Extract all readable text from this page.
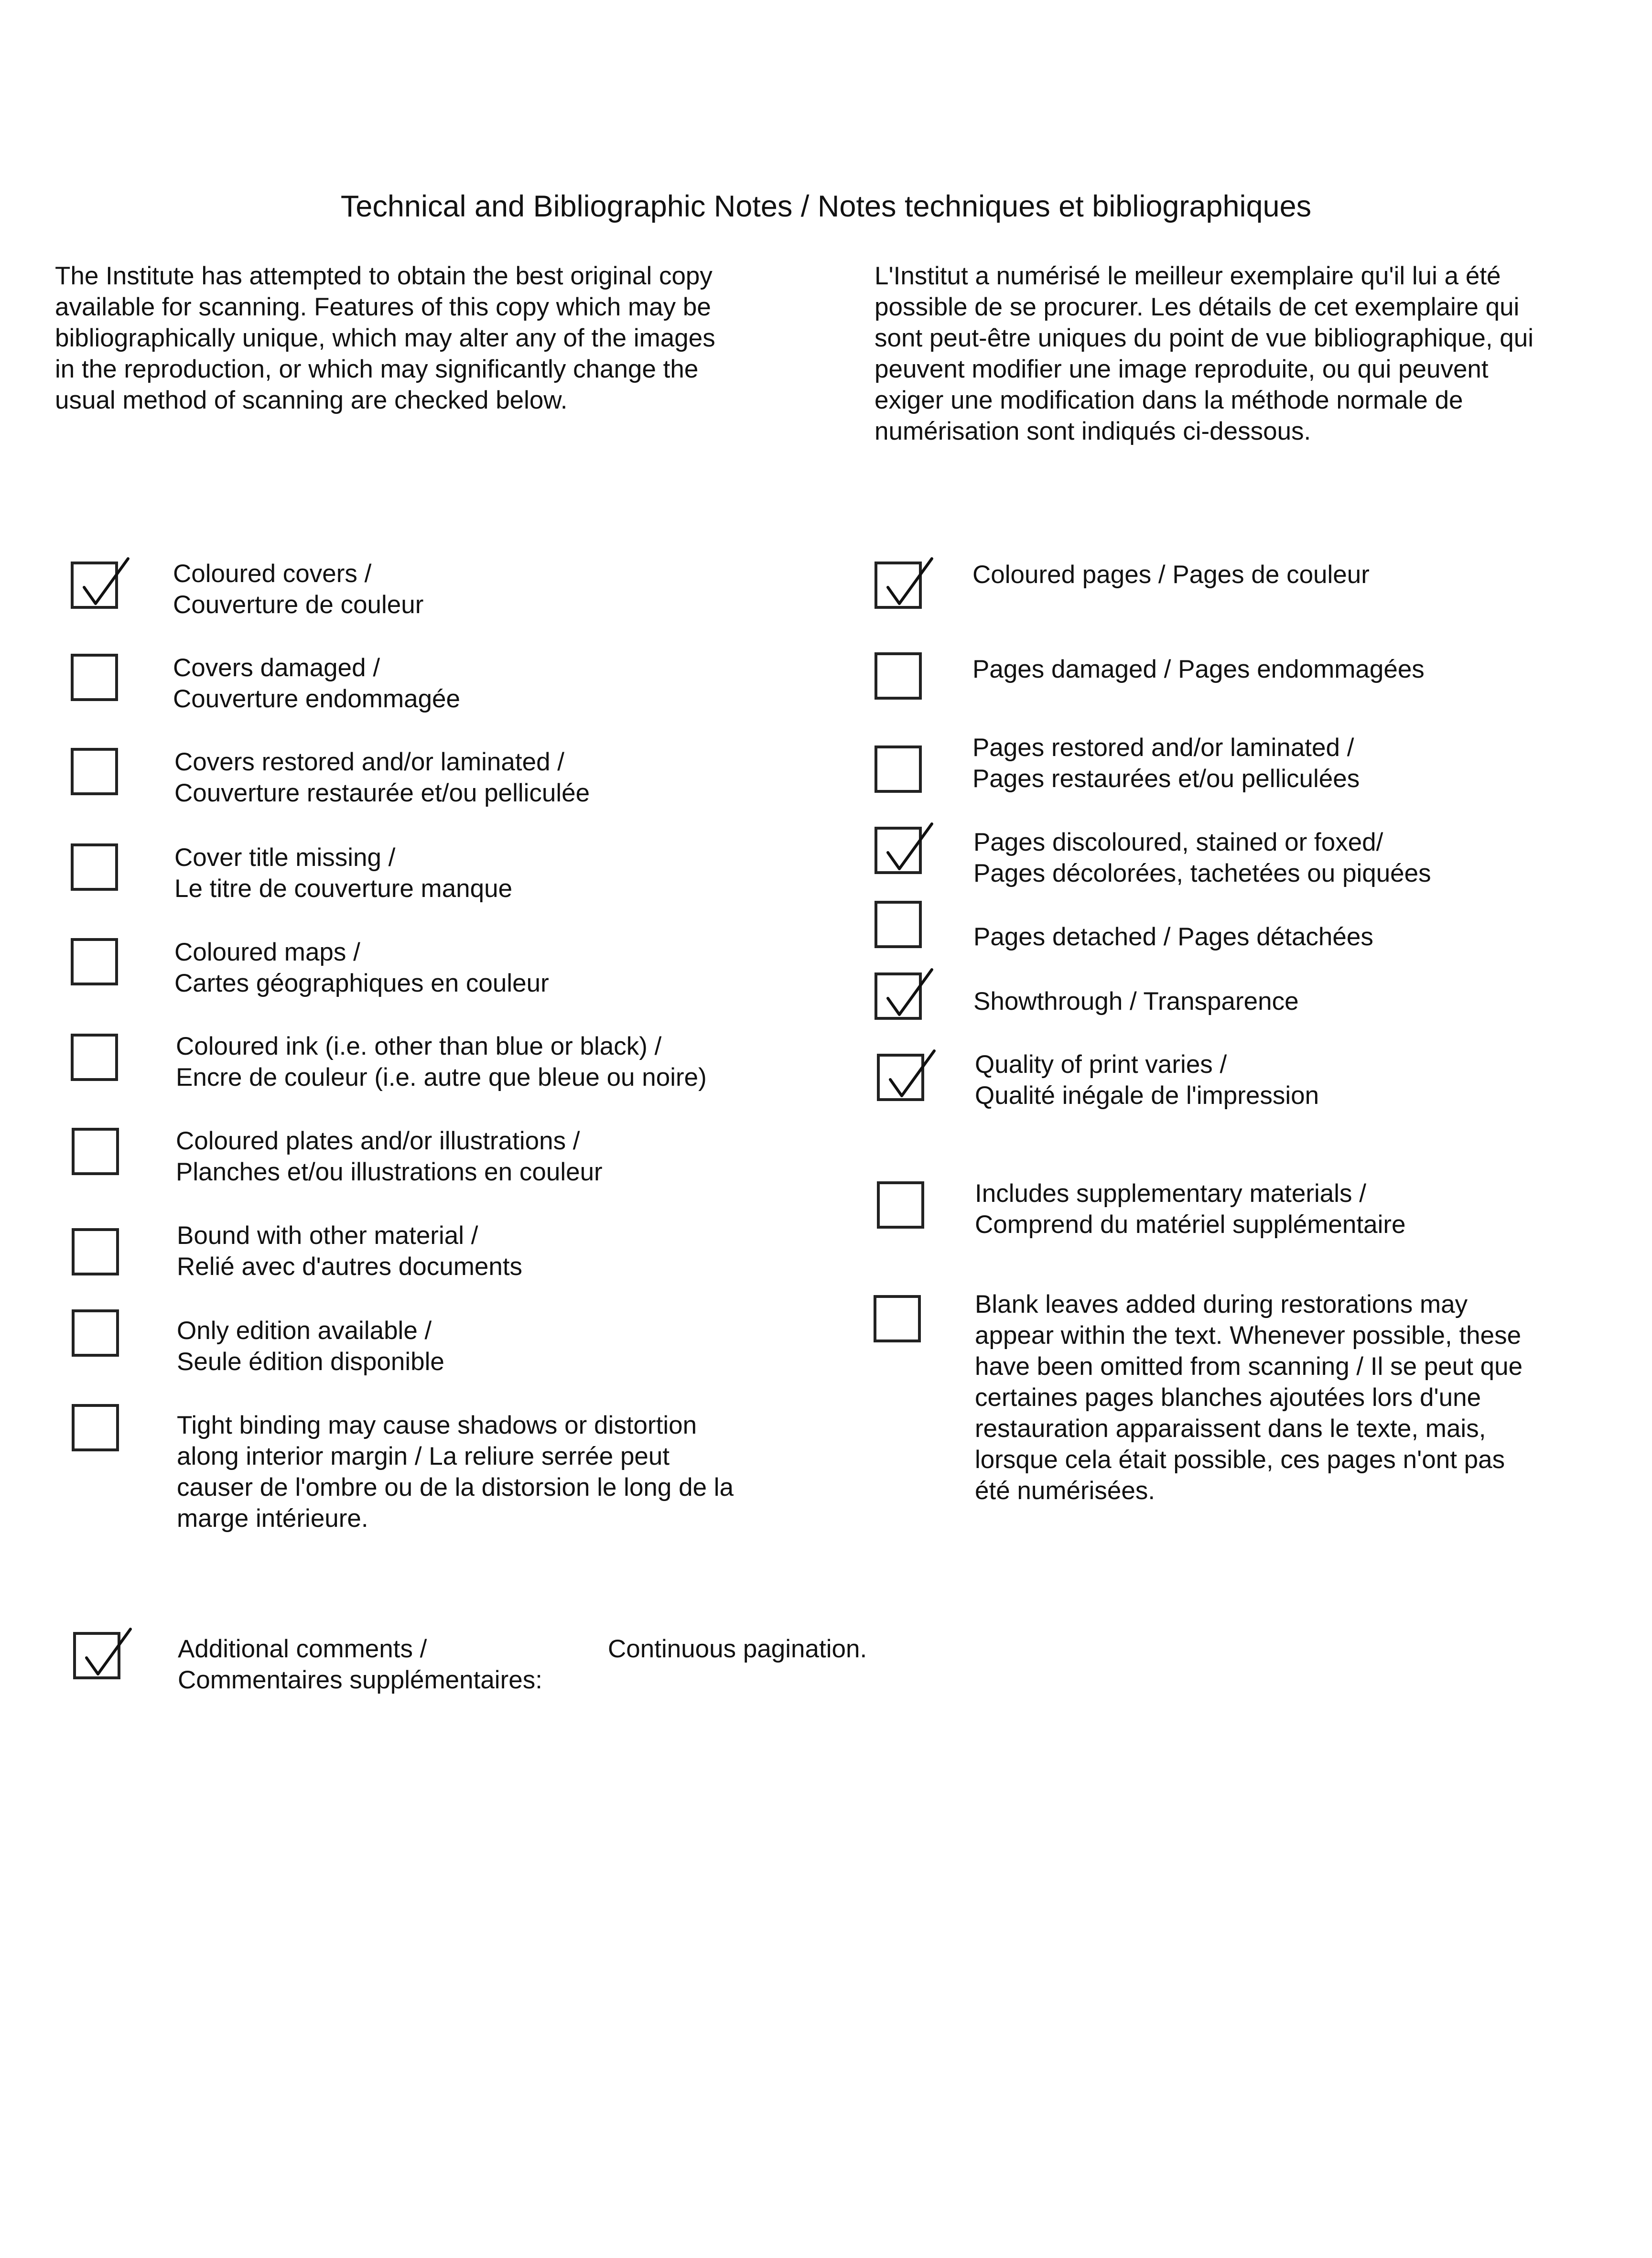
Technical and Bibliographic Notes / Notes techniques et bibliographiques

The Institute has attempted to obtain the best original copy
available for scanning. Features of this copy which may be
bibliographically unique, which may alter any of the images
in the reproduction, or which may significantly change the
usual method of scanning are checked below.

L'Institut a numérisé le meilleur exemplaire qu'il lui a été
possible de se procurer. Les détails de cet exemplaire qui
sont peut-être uniques du point de vue bibliographique, qui
peuvent modifier une image reproduite, ou qui peuvent
exiger une modification dans la méthode normale de
numérisation sont indiqués ci-dessous.

Coloured covers /
Couverture de couleur
Covers damaged /
Couverture endommagée
Covers restored and/or laminated /
Couverture restaurée et/ou pelliculée
Cover title missing /
Le titre de couverture manque
Coloured maps /
Cartes géographiques en couleur
Coloured ink (i.e. other than blue or black) /
Encre de couleur (i.e. autre que bleue ou noire)
Coloured plates and/or illustrations /
Planches et/ou illustrations en couleur
Bound with other material /
Relié avec d'autres documents
Only edition available /
Seule édition disponible
Tight binding may cause shadows or distortion
along interior margin / La reliure serrée peut
causer de l'ombre ou de la distorsion le long de la
marge intérieure.
Coloured pages / Pages de couleur
Pages damaged / Pages endommagées
Pages restored and/or laminated /
Pages restaurées et/ou pelliculées
Pages discoloured, stained or foxed/
Pages décolorées, tachetées ou piquées
Pages detached / Pages détachées
Showthrough / Transparence
Quality of print varies /
Qualité inégale de l'impression
Includes supplementary materials /
Comprend du matériel supplémentaire
Blank leaves added during restorations may
appear within the text. Whenever possible, these
have been omitted from scanning / Il se peut que
certaines pages blanches ajoutées lors d'une
restauration apparaissent dans le texte, mais,
lorsque cela était possible, ces pages n'ont pas
été numérisées.
Additional comments /
Commentaires supplémentaires:
Continuous pagination.
